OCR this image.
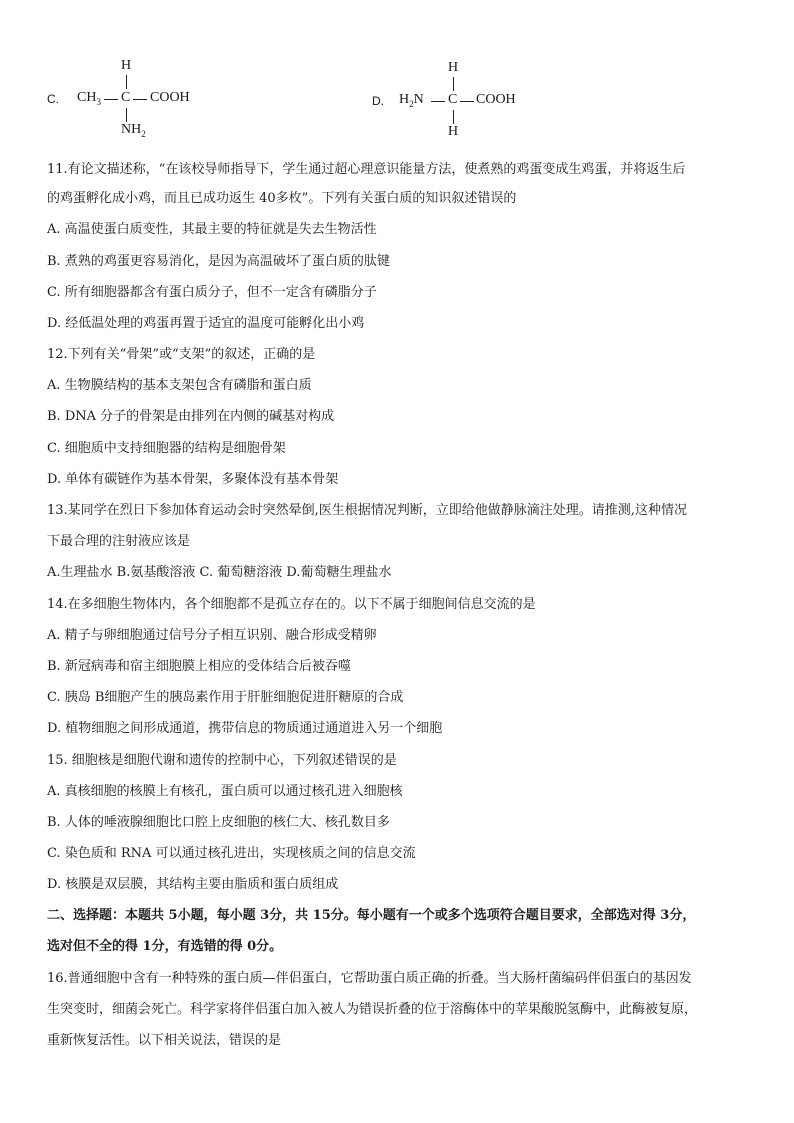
C.
H
$CH_3$ C COOH
$NH_2$
D.
H
$H_2N$ C COOH
H
11.有论文描述称，“在该校导师指导下，学生通过超心理意识能量方法，使煮熟的鸡蛋变成生鸡蛋，并将返生后
的鸡蛋孵化成小鸡，而且已成功返生 40多枚”。下列有关蛋白质的知识叙述错误的
A. 高温使蛋白质变性，其最主要的特征就是失去生物活性
B. 煮熟的鸡蛋更容易消化，是因为高温破坏了蛋白质的肽键
C. 所有细胞器都含有蛋白质分子，但不一定含有磷脂分子
D. 经低温处理的鸡蛋再置于适宜的温度可能孵化出小鸡
12.下列有关“骨架”或“支架”的叙述，正确的是
A. 生物膜结构的基本支架包含有磷脂和蛋白质
B. DNA 分子的骨架是由排列在内侧的碱基对构成
C. 细胞质中支持细胞器的结构是细胞骨架
D. 单体有碳链作为基本骨架，多聚体没有基本骨架
13.某同学在烈日下参加体育运动会时突然晕倒,医生根据情况判断，立即给他做静脉滴注处理。请推测,这种情况
下最合理的注射液应该是
A.生理盐水 B.氨基酸溶液 C. 葡萄糖溶液 D.葡萄糖生理盐水
14.在多细胞生物体内，各个细胞都不是孤立存在的。以下不属于细胞间信息交流的是
A. 精子与卵细胞通过信号分子相互识别、融合形成受精卵
B. 新冠病毒和宿主细胞膜上相应的受体结合后被吞噬
C. 胰岛 B细胞产生的胰岛素作用于肝脏细胞促进肝糖原的合成
D. 植物细胞之间形成通道，携带信息的物质通过通道进入另一个细胞
15. 细胞核是细胞代谢和遗传的控制中心，下列叙述错误的是
A. 真核细胞的核膜上有核孔，蛋白质可以通过核孔进入细胞核
B. 人体的唾液腺细胞比口腔上皮细胞的核仁大、核孔数目多
C. 染色质和 RNA 可以通过核孔进出，实现核质之间的信息交流
D. 核膜是双层膜，其结构主要由脂质和蛋白质组成
二、选择题：本题共 5小题，每小题 3分，共 15分。每小题有一个或多个选项符合题目要求，全部选对得 3分，
选对但不全的得 1分，有选错的得 0分。
16.普通细胞中含有一种特殊的蛋白质—伴侣蛋白，它帮助蛋白质正确的折叠。当大肠杆菌编码伴侣蛋白的基因发
生突变时，细菌会死亡。科学家将伴侣蛋白加入被人为错误折叠的位于溶酶体中的苹果酸脱氢酶中，此酶被复原，
重新恢复活性。以下相关说法，错误的是
